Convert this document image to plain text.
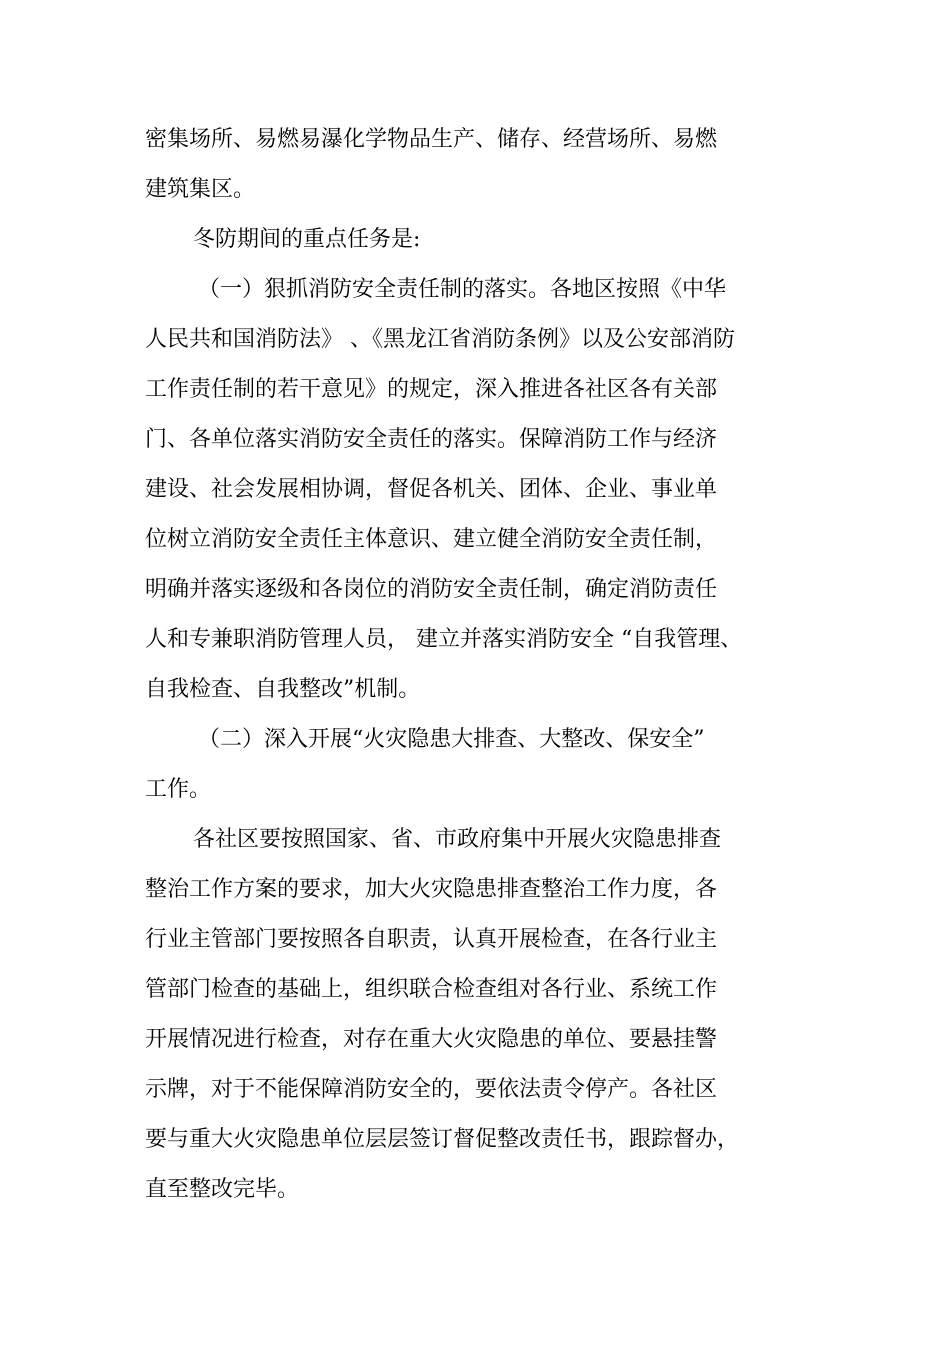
密集场所、易燃易瀑化学物品生产、储存、经营场所、易燃

建筑集区。

冬防期间的重点任务是:

（一）狠抓消防安全责任制的落实。各地区按照《中华

人民共和国消防法》 、《黑龙江省消防条例》以及公安部消防

工作责任制的若干意见》的规定，深入推进各社区各有关部

门、各单位落实消防安全责任的落实。保障消防工作与经济

建设、社会发展相协调，督促各机关、团体、企业、事业单

位树立消防安全责任主体意识、建立健全消防安全责任制，

明确并落实逐级和各岗位的消防安全责任制，确定消防责任

人和专兼职消防管理人员， 建立并落实消防安全 “自我管理、

自我检查、自我整改”机制。

（二）深入开展“火灾隐患大排查、大整改、保安全”

工作。

各社区要按照国家、省、市政府集中开展火灾隐患排查

整治工作方案的要求，加大火灾隐患排查整治工作力度，各

行业主管部门要按照各自职责，认真开展检查，在各行业主

管部门检查的基础上，组织联合检查组对各行业、系统工作

开展情况进行检查，对存在重大火灾隐患的单位、要悬挂警

示牌，对于不能保障消防安全的，要依法责令停产。各社区

要与重大火灾隐患单位层层签订督促整改责任书，跟踪督办，

直至整改完毕。
